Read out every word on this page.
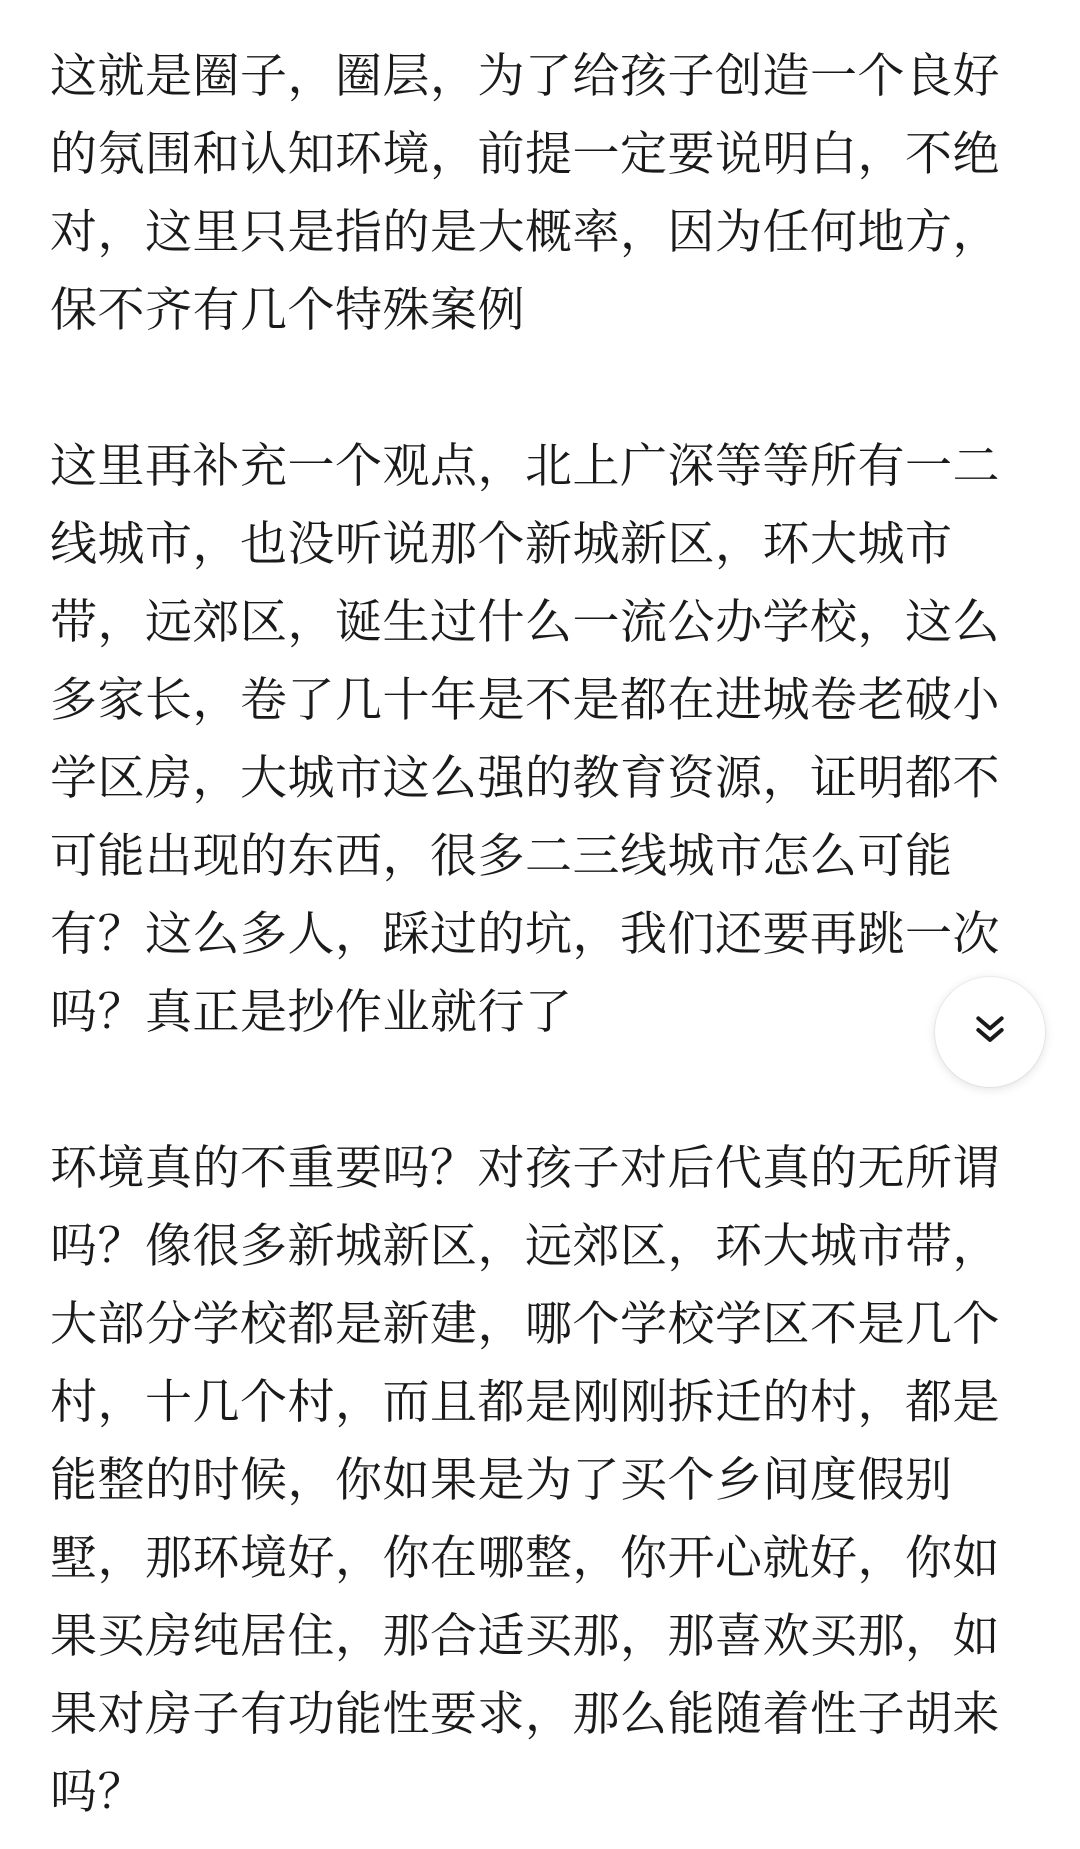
这就是圈子，圈层，为了给孩子创造一个良好的氛围和认知环境，前提一定要说明白，不绝对，这里只是指的是大概率，因为任何地方，保不齐有几个特殊案例

这里再补充一个观点，北上广深等等所有一二线城市，也没听说那个新城新区，环大城市带，远郊区，诞生过什么一流公办学校，这么多家长，卷了几十年是不是都在进城卷老破小学区房，大城市这么强的教育资源，证明都不可能出现的东西，很多二三线城市怎么可能有？这么多人，踩过的坑，我们还要再跳一次吗？真正是抄作业就行了

环境真的不重要吗？对孩子对后代真的无所谓吗？像很多新城新区，远郊区，环大城市带，大部分学校都是新建，哪个学校学区不是几个村，十几个村，而且都是刚刚拆迁的村，都是能整的时候，你如果是为了买个乡间度假别墅，那环境好，你在哪整，你开心就好，你如果买房纯居住，那合适买那，那喜欢买那，如果对房子有功能性要求，那么能随着性子胡来吗？
